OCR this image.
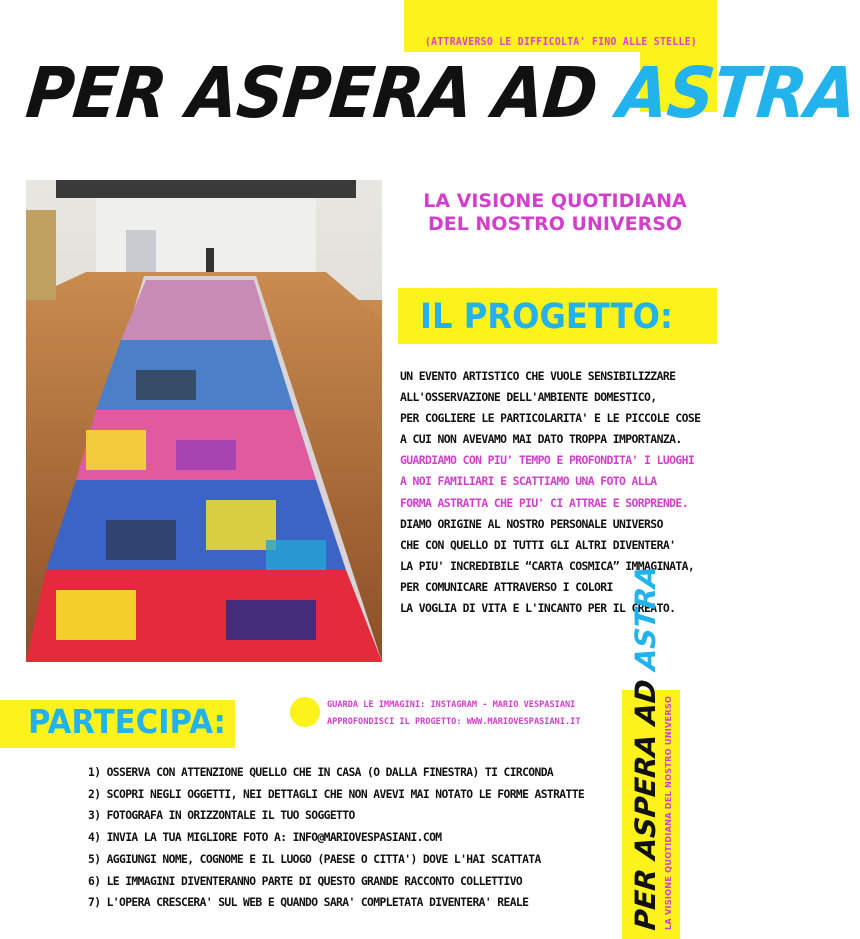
(ATTRAVERSO LE DIFFICOLTA' FINO ALLE STELLE)
PER ASPERA AD ASTRA
LA VISIONE QUOTIDIANA
DEL NOSTRO UNIVERSO
IL PROGETTO:
UN EVENTO ARTISTICO CHE VUOLE SENSIBILIZZARE
ALL'OSSERVAZIONE DELL'AMBIENTE DOMESTICO,
PER COGLIERE LE PARTICOLARITA' E LE PICCOLE COSE
A CUI NON AVEVAMO MAI DATO TROPPA IMPORTANZA.
GUARDIAMO CON PIU' TEMPO E PROFONDITA' I LUOGHI
A NOI FAMILIARI E SCATTIAMO UNA FOTO ALLA
FORMA ASTRATTA CHE PIU' CI ATTRAE E SORPRENDE.
DIAMO ORIGINE AL NOSTRO PERSONALE UNIVERSO
CHE CON QUELLO DI TUTTI GLI ALTRI DIVENTERA'
LA PIU' INCREDIBILE “CARTA COSMICA” IMMAGINATA,
PER COMUNICARE ATTRAVERSO I COLORI
LA VOGLIA DI VITA E L'INCANTO PER IL CREATO.
PARTECIPA:	GUARDA LE IMMAGINI: INSTAGRAM - MARIO VESPASIANI
APPROFONDISCI IL PROGETTO: WWW.MARIOVESPASIANI.IT
1) OSSERVA CON ATTENZIONE QUELLO CHE IN CASA (O DALLA FINESTRA) TI CIRCONDA
2) SCOPRI NEGLI OGGETTI, NEI DETTAGLI CHE NON AVEVI MAI NOTATO LE FORME ASTRATTE
3) FOTOGRAFA IN ORIZZONTALE IL TUO SOGGETTO
4) INVIA LA TUA MIGLIORE FOTO A: INFO@MARIOVESPASIANI.COM
5) AGGIUNGI NOME, COGNOME E IL LUOGO (PAESE O CITTA') DOVE L'HAI SCATTATA
6) LE IMMAGINI DIVENTERANNO PARTE DI QUESTO GRANDE RACCONTO COLLETTIVO
7) L'OPERA CRESCERA' SUL WEB E QUANDO SARA' COMPLETATA DIVENTERA' REALE	PER ASPERA AD ASTRA
LA VISIONE QUOTIDIANA DEL NOSTRO UNIVERSO
